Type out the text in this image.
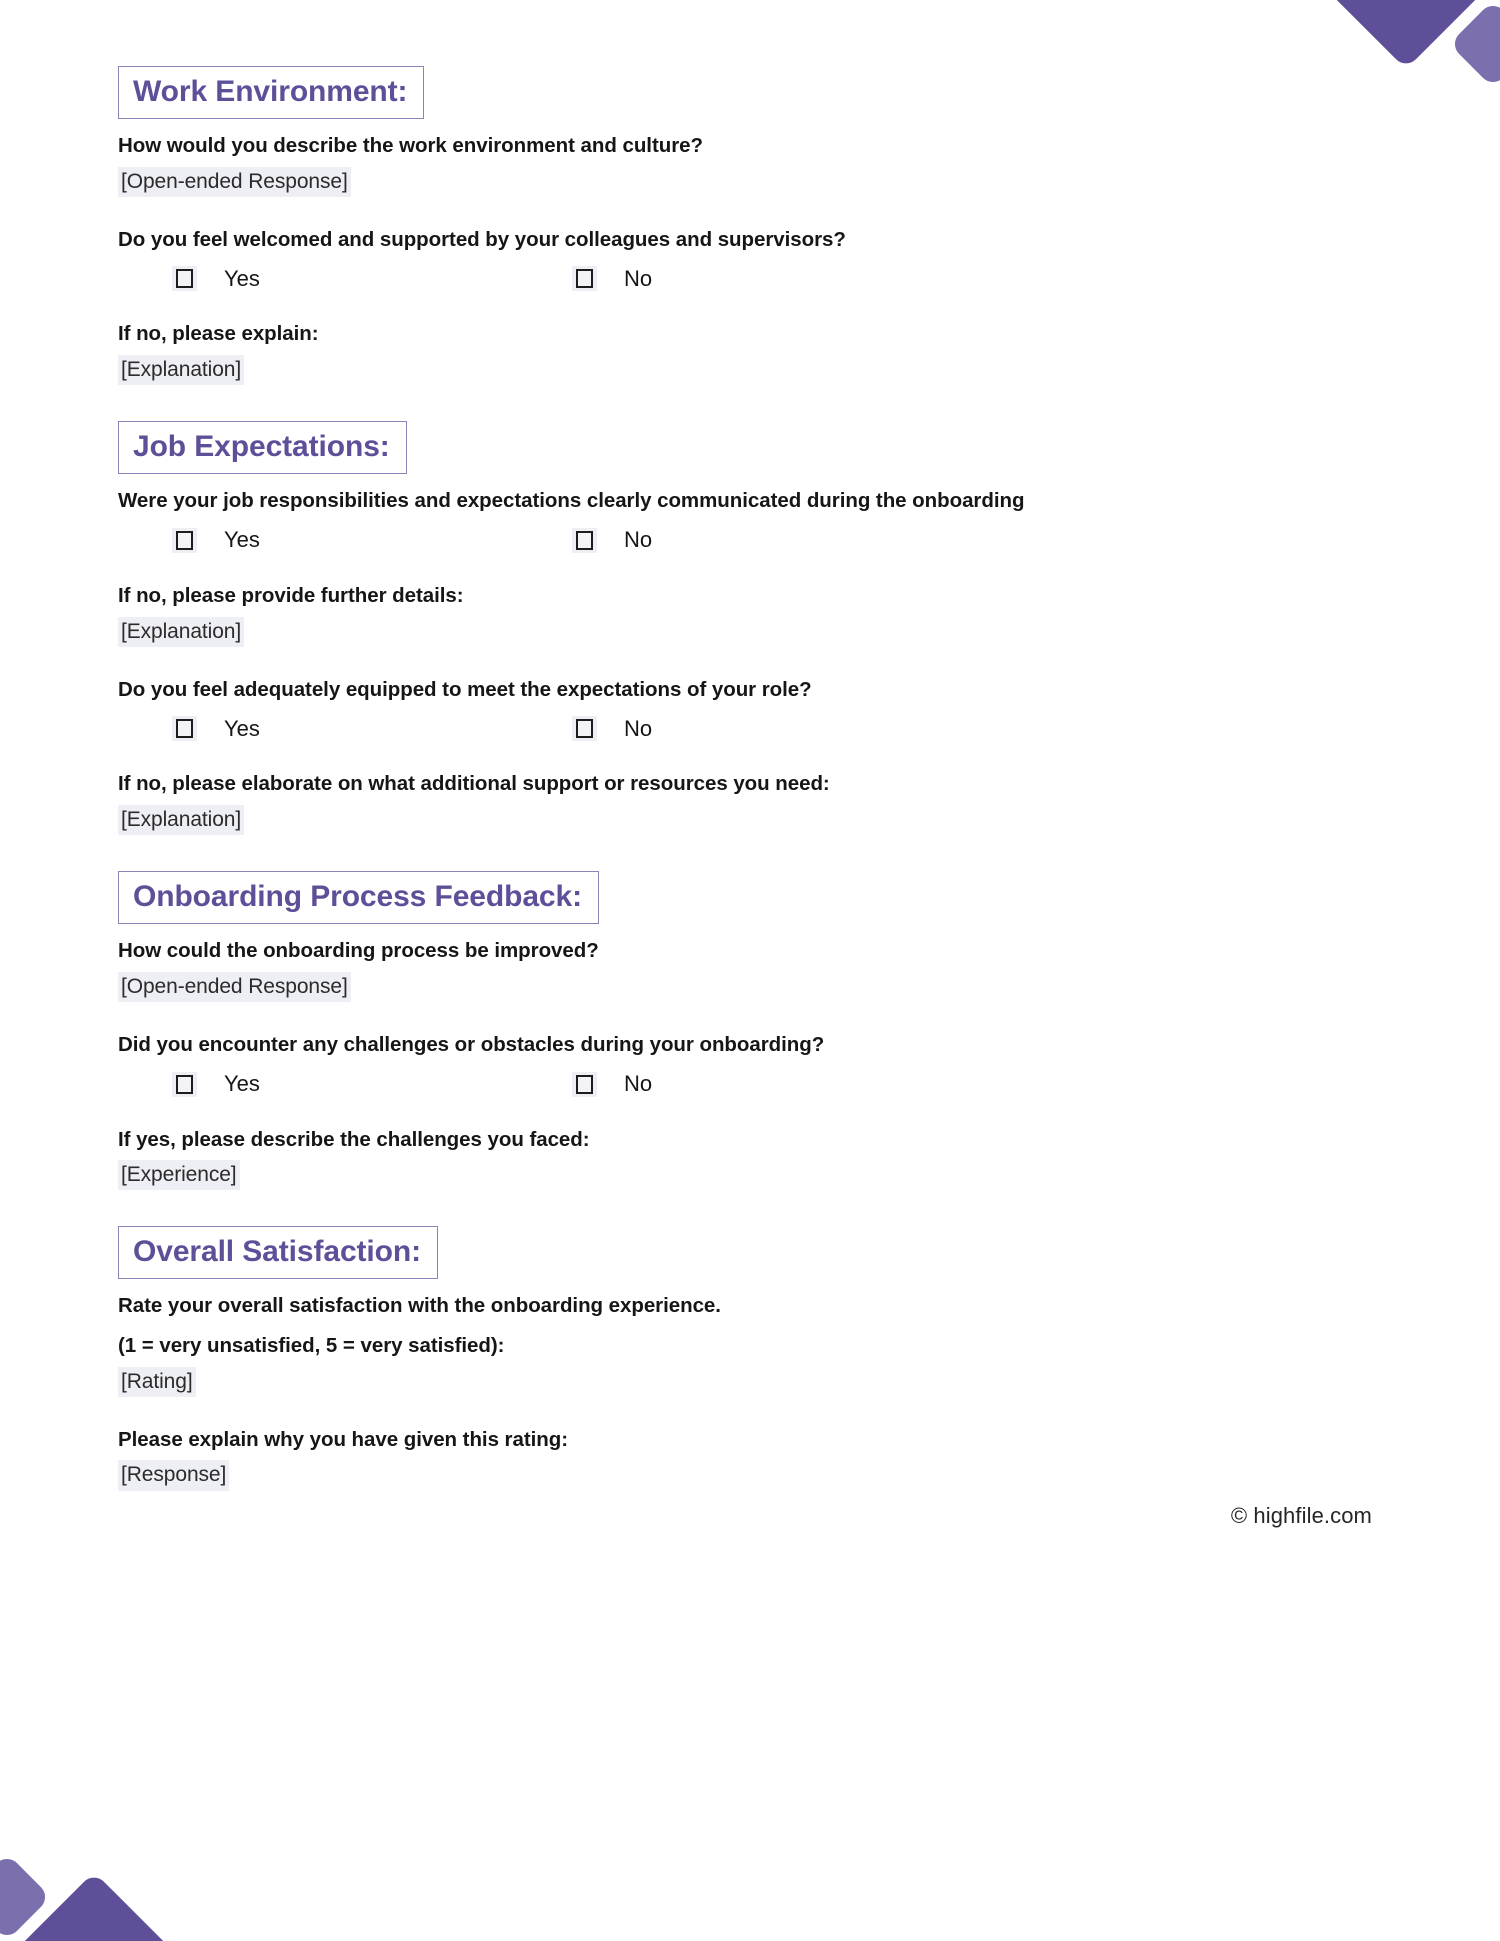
Work Environment:
How would you describe the work environment and culture?
[Open-ended Response]
Do you feel welcomed and supported by your colleagues and supervisors?
Yes	No
If no, please explain:
[Explanation]
Job Expectations:
Were your job responsibilities and expectations clearly communicated during the onboarding
Yes	No
If no, please provide further details:
[Explanation]
Do you feel adequately equipped to meet the expectations of your role?
Yes	No
If no, please elaborate on what additional support or resources you need:
[Explanation]
Onboarding Process Feedback:
How could the onboarding process be improved?
[Open-ended Response]
Did you encounter any challenges or obstacles during your onboarding?
Yes	No
If yes, please describe the challenges you faced:
[Experience]
Overall Satisfaction:
Rate your overall satisfaction with the onboarding experience.
(1 = very unsatisfied, 5 = very satisfied):
[Rating]
Please explain why you have given this rating:
[Response]
© highfile.com
